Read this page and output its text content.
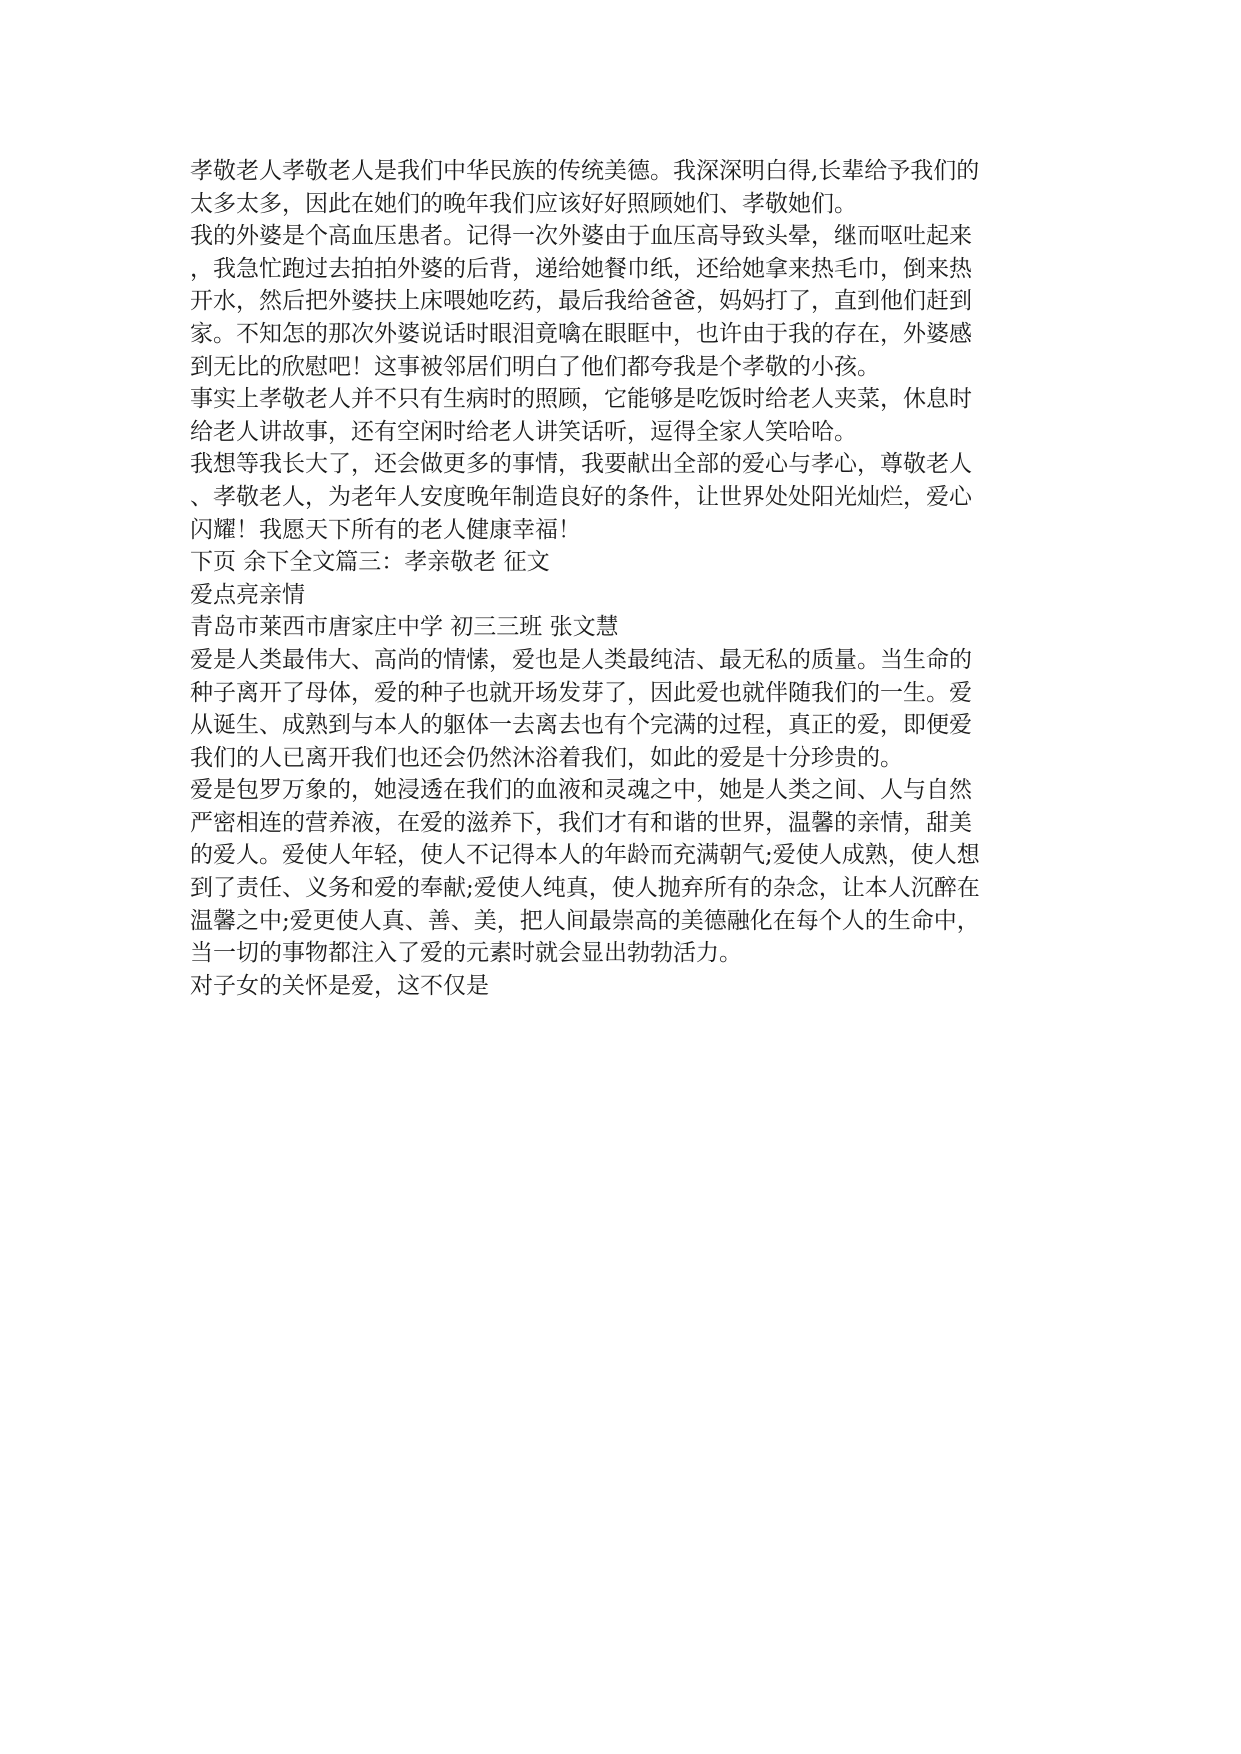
孝敬老人孝敬老人是我们中华民族的传统美德。我深深明白得,长辈给予我们的
太多太多，因此在她们的晚年我们应该好好照顾她们、孝敬她们。
我的外婆是个高血压患者。记得一次外婆由于血压高导致头晕，继而呕吐起来
，我急忙跑过去拍拍外婆的后背，递给她餐巾纸，还给她拿来热毛巾，倒来热
开水，然后把外婆扶上床喂她吃药，最后我给爸爸，妈妈打了，直到他们赶到
家。不知怎的那次外婆说话时眼泪竟噙在眼眶中，也许由于我的存在，外婆感
到无比的欣慰吧！这事被邻居们明白了他们都夸我是个孝敬的小孩。
事实上孝敬老人并不只有生病时的照顾，它能够是吃饭时给老人夹菜，休息时
给老人讲故事，还有空闲时给老人讲笑话听，逗得全家人笑哈哈。
我想等我长大了，还会做更多的事情，我要献出全部的爱心与孝心，尊敬老人
、孝敬老人，为老年人安度晚年制造良好的条件，让世界处处阳光灿烂，爱心
闪耀！我愿天下所有的老人健康幸福！
下页 余下全文篇三：孝亲敬老 征文
爱点亮亲情
青岛市莱西市唐家庄中学 初三三班 张文慧
爱是人类最伟大、高尚的情愫，爱也是人类最纯洁、最无私的质量。当生命的
种子离开了母体，爱的种子也就开场发芽了，因此爱也就伴随我们的一生。爱
从诞生、成熟到与本人的躯体一去离去也有个完满的过程，真正的爱，即便爱
我们的人已离开我们也还会仍然沐浴着我们，如此的爱是十分珍贵的。
爱是包罗万象的，她浸透在我们的血液和灵魂之中，她是人类之间、人与自然
严密相连的营养液，在爱的滋养下，我们才有和谐的世界，温馨的亲情，甜美
的爱人。爱使人年轻，使人不记得本人的年龄而充满朝气;爱使人成熟，使人想
到了责任、义务和爱的奉献;爱使人纯真，使人抛弃所有的杂念，让本人沉醉在
温馨之中;爱更使人真、善、美，把人间最崇高的美德融化在每个人的生命中，
当一切的事物都注入了爱的元素时就会显出勃勃活力。
对子女的关怀是爱，这不仅是
